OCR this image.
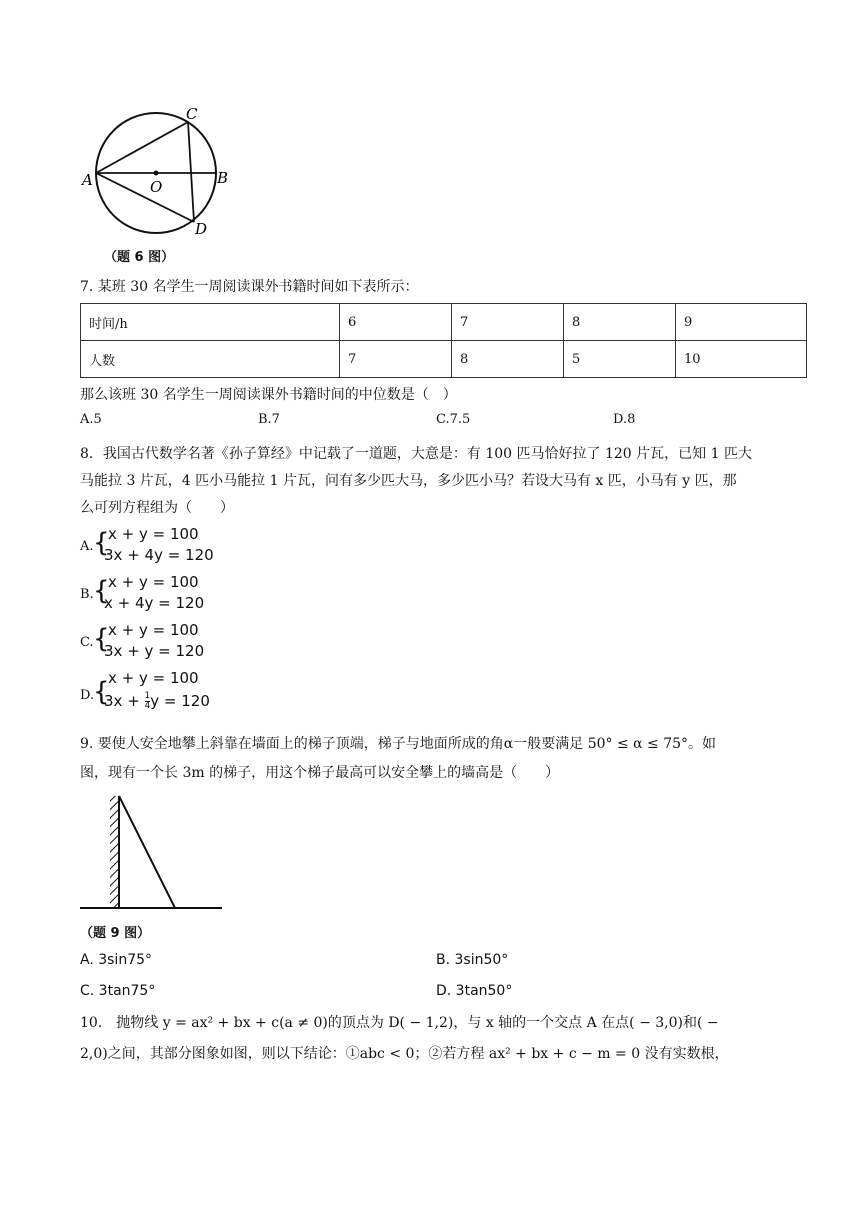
C
A	O	B
D
（题 6 图）
7. 某班 30 名学生一周阅读课外书籍时间如下表所示：
时间/h	6	7	8	9
人数	7	8	5	10
那么该班 30 名学生一周阅读课外书籍时间的中位数是（　）
A.5	B.7	C.7.5	D.8
8．我国古代数学名著《孙子算经》中记载了一道题，大意是：有 100 匹马恰好拉了 120 片瓦，已知 1 匹大
马能拉 3 片瓦，4 匹小马能拉 1 片瓦，问有多少匹大马，多少匹小马？若设大马有 x 匹，小马有 y 匹，那
么可列方程组为（　　）
A. {
x + y = 100
3x + 4y = 120
B. {
x + y = 100
x + 4y = 120
C. {
x + y = 100
3x + y = 120
D.
{
x + y = 100
$3x + \frac{1}{4}$ y = 120
9. 要使人安全地攀上斜靠在墙面上的梯子顶端，梯子与地面所成的角α一般要满足 50° ≤ α ≤ 75°。如
图，现有一个长 3m 的梯子，用这个梯子最高可以安全攀上的墙高是（　　）
（题 9 图）
A. 3sin75°	B. 3sin50°
C. 3tan75°	D. 3tan50°
10． 抛物线 y = ax² + bx + c(a ≠ 0)的顶点为 D( − 1,2)，与 x 轴的一个交点 A 在点( − 3,0)和( −
2,0)之间，其部分图象如图，则以下结论：①abc < 0；②若方程 ax² + bx + c − m = 0 没有实数根，
